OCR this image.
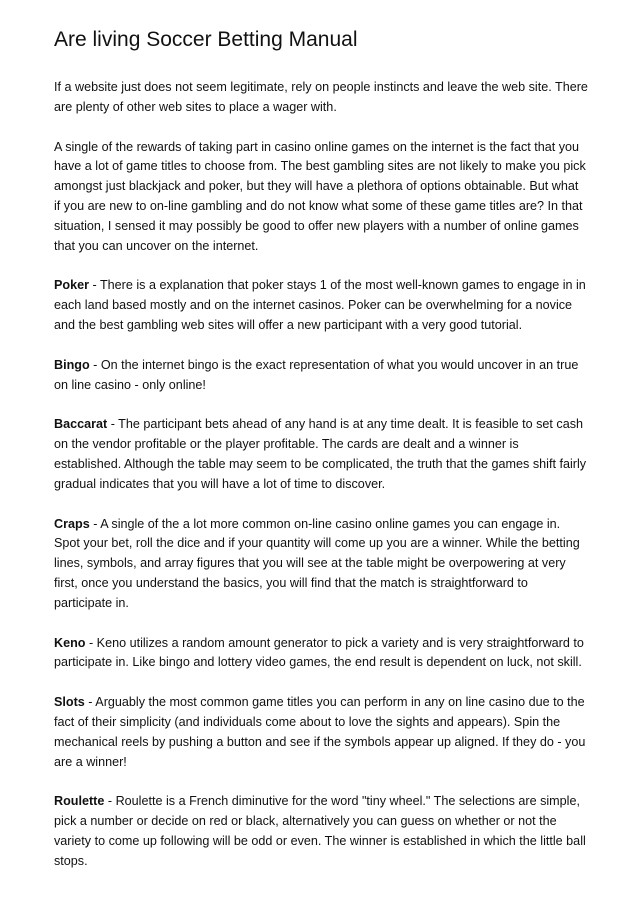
Are living Soccer Betting Manual

If a website just does not seem legitimate, rely on people instincts and leave the web site. There are plenty of other web sites to place a wager with.

A single of the rewards of taking part in casino online games on the internet is the fact that you have a lot of game titles to choose from. The best gambling sites are not likely to make you pick amongst just blackjack and poker, but they will have a plethora of options obtainable. But what if you are new to on-line gambling and do not know what some of these game titles are? In that situation, I sensed it may possibly be good to offer new players with a number of online games that you can uncover on the internet.

Poker - There is a explanation that poker stays 1 of the most well-known games to engage in in each land based mostly and on the internet casinos. Poker can be overwhelming for a novice and the best gambling web sites will offer a new participant with a very good tutorial.

Bingo - On the internet bingo is the exact representation of what you would uncover in an true on line casino - only online!

Baccarat - The participant bets ahead of any hand is at any time dealt. It is feasible to set cash on the vendor profitable or the player profitable. The cards are dealt and a winner is established. Although the table may seem to be complicated, the truth that the games shift fairly gradual indicates that you will have a lot of time to discover.

Craps - A single of the a lot more common on-line casino online games you can engage in. Spot your bet, roll the dice and if your quantity will come up you are a winner. While the betting lines, symbols, and array figures that you will see at the table might be overpowering at very first, once you understand the basics, you will find that the match is straightforward to participate in.

Keno - Keno utilizes a random amount generator to pick a variety and is very straightforward to participate in. Like bingo and lottery video games, the end result is dependent on luck, not skill.

Slots - Arguably the most common game titles you can perform in any on line casino due to the fact of their simplicity (and individuals come about to love the sights and appears). Spin the mechanical reels by pushing a button and see if the symbols appear up aligned. If they do - you are a winner!

Roulette - Roulette is a French diminutive for the word "tiny wheel." The selections are simple, pick a number or decide on red or black, alternatively you can guess on whether or not the variety to come up following will be odd or even. The winner is established in which the little ball stops.
